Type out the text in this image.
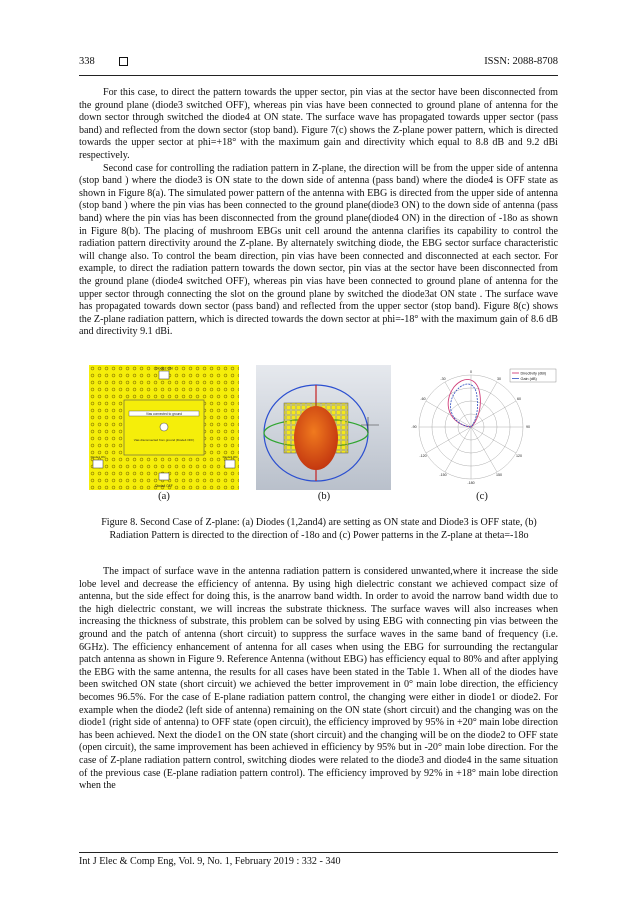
338	ISSN: 2088-8708

For this case, to direct the pattern towards the upper sector, pin vias at the sector have been disconnected from the ground plane (diode3 switched OFF), whereas pin vias have been connected to ground plane of antenna for the down sector through switched the diode4 at ON state. The surface wave has propagated towards upper sector (pass band) and reflected from the down sector (stop band). Figure 7(c) shows the Z-plane power pattern, which is directed towards the upper sector at phi=+18° with the maximum gain and directivity which equal to 8.8 dB and 9.2 dBi respectively.

Second case for controlling the radiation pattern in Z-plane, the direction will be from the upper side of antenna (stop band ) where the diode3 is ON state to the down side of antenna (pass band) where the diode4 is OFF state as shown in Figure 8(a). The simulated power pattern of the antenna with EBG is directed from the upper side of antenna (stop band ) where the pin vias has been connected to the ground plane(diode3 ON) to the down side of antenna (pass band) where the pin vias has been disconnected from the ground plane(diode4 ON) in the direction of -18o as shown in Figure 8(b). The placing of mushroom EBGs unit cell around the antenna clarifies its capability to control the radiation pattern directivity around the Z-plane. By alternately switching diode, the EBG sector surface characteristic will change also. To control the beam direction, pin vias have been connected and disconnected at each sector. For example, to direct the radiation pattern towards the down sector, pin vias at the sector have been disconnected from the ground plane (diode4 switched OFF), whereas pin vias have been connected to ground plane of antenna for the upper sector through connecting the slot on the ground plane by switched the diode3at ON state . The surface wave has propagated towards down sector (pass band) and reflected from the upper sector (stop band). Figure 8(c) shows the Z-plane radiation pattern, which is directed towards the down sector at phi=-18° with the maximum gain of 8.6 dB and directivity 9.1 dBi.

Diode2 ON
Vias connected to ground
Vias disconnected from ground (Diode4 OFF)
Diode1 ON	Diode3 ON
Diode4 OFF
(a)	(b)
Directivity (dBi)
Gain (dB)
0
30
-30
60
-60
90
-90
120
-120
150
-150
-180
(c)
Figure 8. Second Case of Z-plane: (a) Diodes (1,2and4) are setting as ON state and Diode3 is OFF state, (b)
Radiation Pattern is directed to the direction of -18o and (c) Power patterns in the Z-plane at theta=-18o

The impact of surface wave in the antenna radiation pattern is considered unwanted,where it increase the side lobe level and decrease the efficiency of antenna. By using high dielectric constant we achieved compact size of antenna, but the side effect for doing this, is the anarrow band width. In order to avoid the narrow band width due to the high dielectric constant, we will increas the substrate thickness. The surface waves will also increases when increasing the thickness of substrate, this problem can be solved by using EBG with connecting pin vias between the ground and the patch of antenna (short circuit) to suppress the surface waves in the same band of frequency (i.e. 6GHz). The efficiency enhancement of antenna for all cases when using the EBG for surrounding the rectangular patch antenna as shown in Figure 9. Reference Antenna (without EBG) has efficiency equal to 80% and after applying the EBG with the same antenna, the results for all cases have been stated in the Table 1. When all of the diodes have been switched ON state (short circuit) we achieved the better improvement in 0° main lobe direction, the efficiency becomes 96.5%. For the case of E-plane radiation pattern control, the changing were either in diode1 or diode2. For example when the diode2 (left side of antenna) remaining on the ON state (short circuit) and the changing was on the diode1 (right side of antenna) to OFF state (open circuit), the efficiency improved by 95% in +20° main lobe direction has been achieved. Next the diode1 on the ON state (short circuit) and the changing will be on the diode2 to OFF state (open circuit), the same improvement has been achieved in efficiency by 95% but in -20° main lobe direction. For the case of Z-plane radiation pattern control, switching diodes were related to the diode3 and diode4 in the same situation of the previous case (E-plane radiation pattern control). The efficiency improved by 92% in +18° main lobe direction when the

Int J Elec & Comp Eng, Vol. 9, No. 1, February 2019 : 332 - 340
